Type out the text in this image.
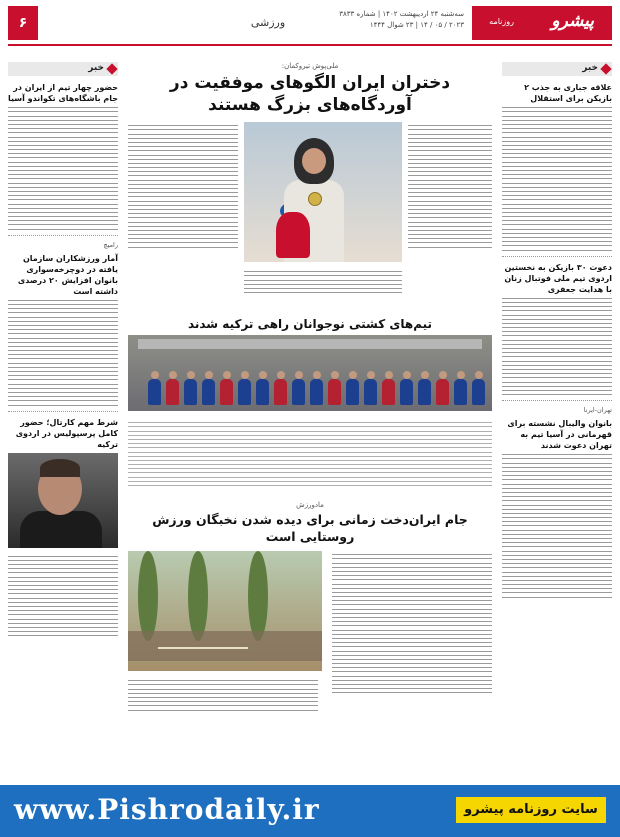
پیشرو
روزنامه
سه‌شنبه ۲۴ اردیبهشت ۱۴۰۲ | شماره ۳۸۳۳
۲۰۲۳ / ۰۵ / ۱۴ | ۲۳ شوال ۱۴۴۴
ورزشی
۶
خبر
علاقه جباری به جذب ۲ بازیکن برای استقلال
دعوت ۳۰ بازیکن به نخستین اردوی تیم ملی فوتبال زنان با هدایت جعفری
تهران-ایرنا
بانوان والیبال نشسته برای قهرمانی در آسیا تیم به تهران دعوت شدند
خبر
حضور چهار تیم از ایران در جام باشگاه‌های تکواندو آسیا
رامیچ
آمار ورزشکاران سازمان یافته در دوچرخه‌سواری بانوان افزایش ۲۰ درصدی داشته است
شرط مهم کارتال؛ حضور کامل پرسپولیس در اردوی ترکیه
ملی‌پوش تیروکمان:
دختران ایران الگوهای موفقیت در آوردگاه‌های بزرگ هستند
تیم‌های کشتی نوجوانان راهی ترکیه شدند
مادورزش
جام ایران‌دخت زمانی برای دیده شدن نخبگان ورزش روستایی است
www.Pishrodaily.ir	سایت روزنامه پیشرو
